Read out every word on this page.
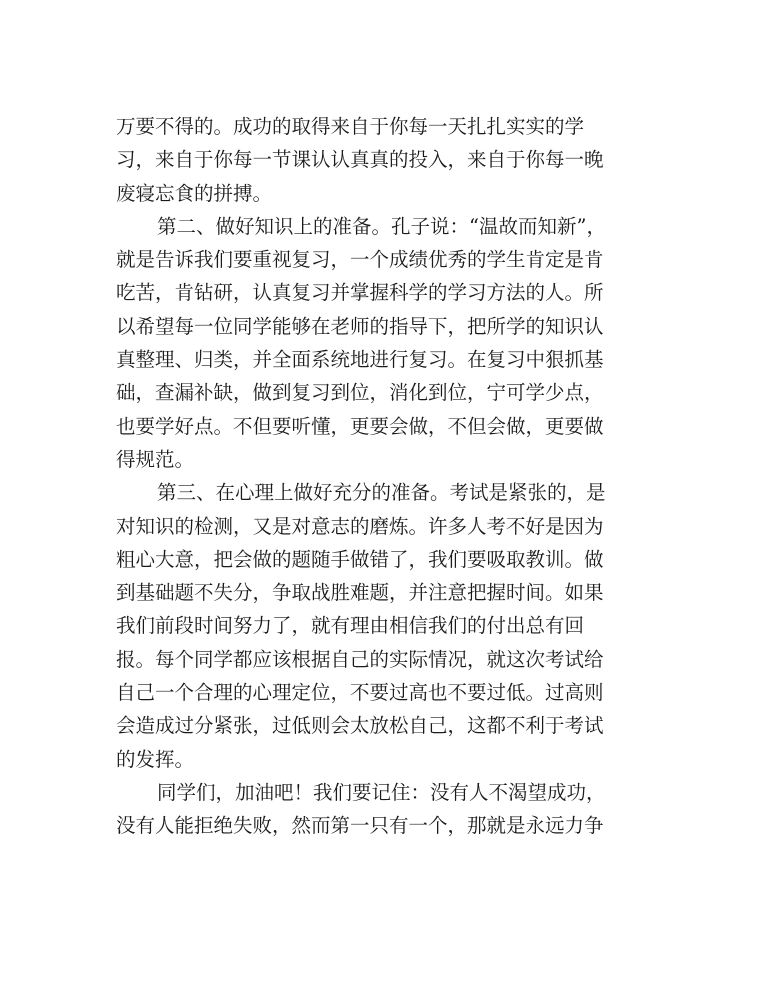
万要不得的。成功的取得来自于你每一天扎扎实实的学
习，来自于你每一节课认认真真的投入，来自于你每一晚
废寝忘食的拼搏。
第二、做好知识上的准备。孔子说：“温故而知新”，
就是告诉我们要重视复习，一个成绩优秀的学生肯定是肯
吃苦，肯钻研，认真复习并掌握科学的学习方法的人。所
以希望每一位同学能够在老师的指导下，把所学的知识认
真整理、归类，并全面系统地进行复习。在复习中狠抓基
础，查漏补缺，做到复习到位，消化到位，宁可学少点，
也要学好点。不但要听懂，更要会做，不但会做，更要做
得规范。
第三、在心理上做好充分的准备。考试是紧张的，是
对知识的检测，又是对意志的磨炼。许多人考不好是因为
粗心大意，把会做的题随手做错了，我们要吸取教训。做
到基础题不失分，争取战胜难题，并注意把握时间。如果
我们前段时间努力了，就有理由相信我们的付出总有回
报。每个同学都应该根据自己的实际情况，就这次考试给
自己一个合理的心理定位，不要过高也不要过低。过高则
会造成过分紧张，过低则会太放松自己，这都不利于考试
的发挥。
同学们，加油吧！我们要记住：没有人不渴望成功，
没有人能拒绝失败，然而第一只有一个，那就是永远力争
